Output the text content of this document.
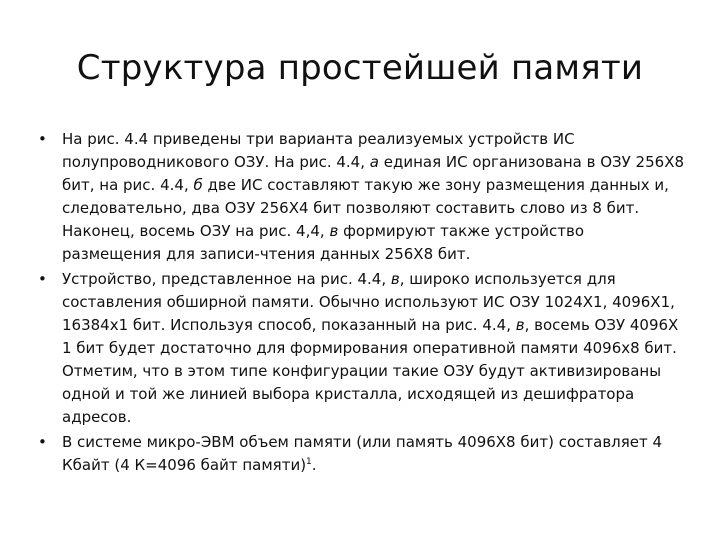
Структура простейшей памяти
•	На рис. 4.4 приведены три варианта реализуемых устройств ИС полупроводникового ОЗУ. На рис. 4.4, а единая ИС организована в ОЗУ 256Х8 бит, на рис. 4.4, б две ИС составляют такую же зону размещения данных и, следовательно, два ОЗУ 256Х4 бит позволяют составить слово из 8 бит. Наконец, восемь ОЗУ на рис. 4,4, в формируют также устройство размещения для записи-чтения данных 256Х8 бит.
•	Устройство, представленное на рис. 4.4, в, широко используется для составления обширной памяти. Обычно используют ИС ОЗУ 1024Х1, 4096Х1, 16384х1 бит. Используя способ, показанный на рис. 4.4, в, восемь ОЗУ 4096Х 1 бит будет достаточно для формирования оперативной памяти 4096х8 бит. Отметим, что в этом типе конфигурации такие ОЗУ будут активизированы одной и той же линией выбора кристалла, исходящей из дешифратора адресов.
•	В системе микро-ЭВМ объем памяти (или память 4096Х8 бит) составляет 4 Кбайт (4 К=4096 байт памяти)$^1$.
